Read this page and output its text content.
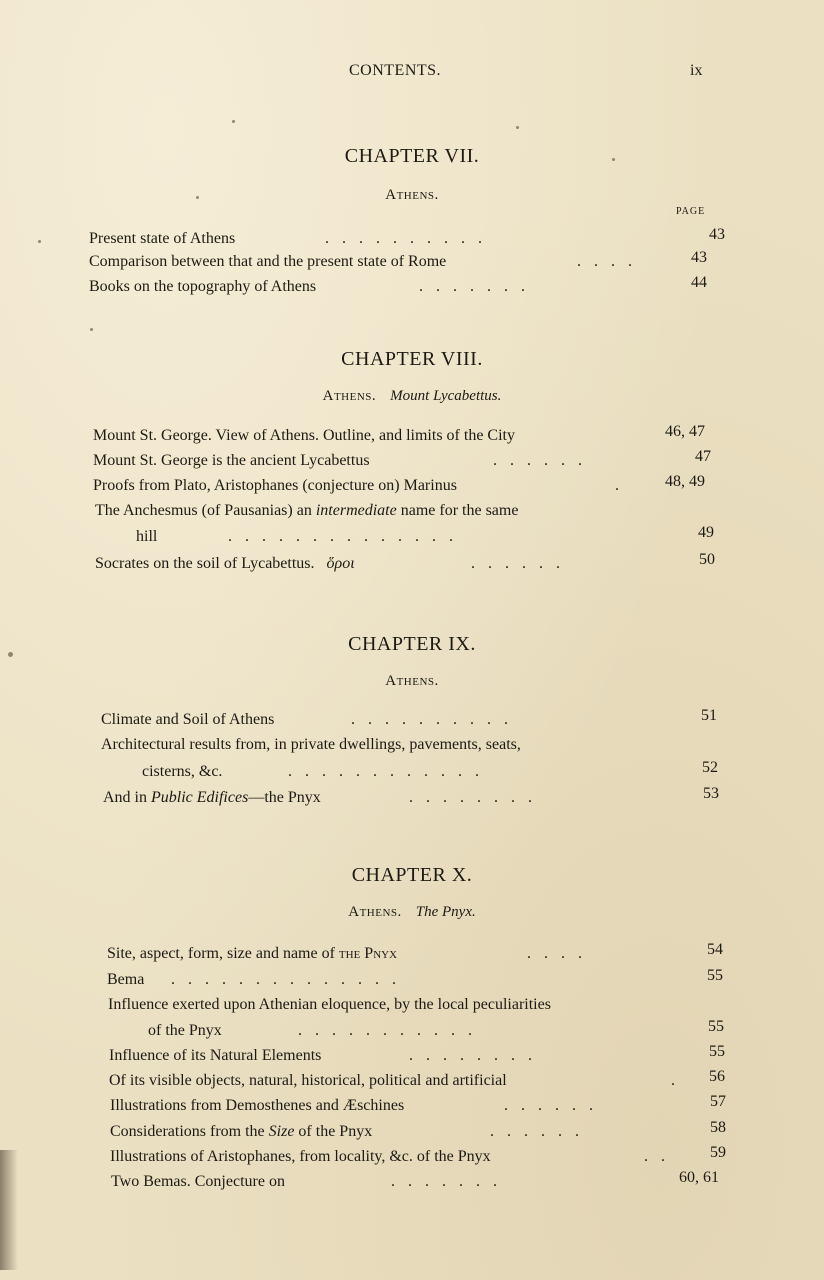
CONTENTS.	ix
CHAPTER VII.
Athens.
PAGE
Present state of Athens	..........	43
Comparison between that and the present state of Rome	....	43
Books on the topography of Athens	.......	44
CHAPTER VIII.
Athens. Mount Lycabettus.
Mount St. George. View of Athens. Outline, and limits of the City	46, 47
Mount St. George is the ancient Lycabettus	......	47
Proofs from Plato, Aristophanes (conjecture on) Marinus	. 48, 49
The Anchesmus (of Pausanias) an intermediate name for the same
hill	..............	49
Socrates on the soil of Lycabettus. ὅροι	......	50
CHAPTER IX.
Athens.
Climate and Soil of Athens	..........	51
Architectural results from, in private dwellings, pavements, seats,
cisterns, &c.	............	52
And in Public Edifices—the Pnyx	........	53
CHAPTER X.
Athens. The Pnyx.
Site, aspect, form, size and name of the Pnyx	....	54
Bema ..............	55
Influence exerted upon Athenian eloquence, by the local peculiarities
of the Pnyx	...........	55
Influence of its Natural Elements	........	55
Of its visible objects, natural, historical, political and artificial	. 56
Illustrations from Demosthenes and Æschines	......	57
Considerations from the Size of the Pnyx	......	58
Illustrations of Aristophanes, from locality, &c. of the Pnyx	.. 59
Two Bemas. Conjecture on	.......	60, 61
